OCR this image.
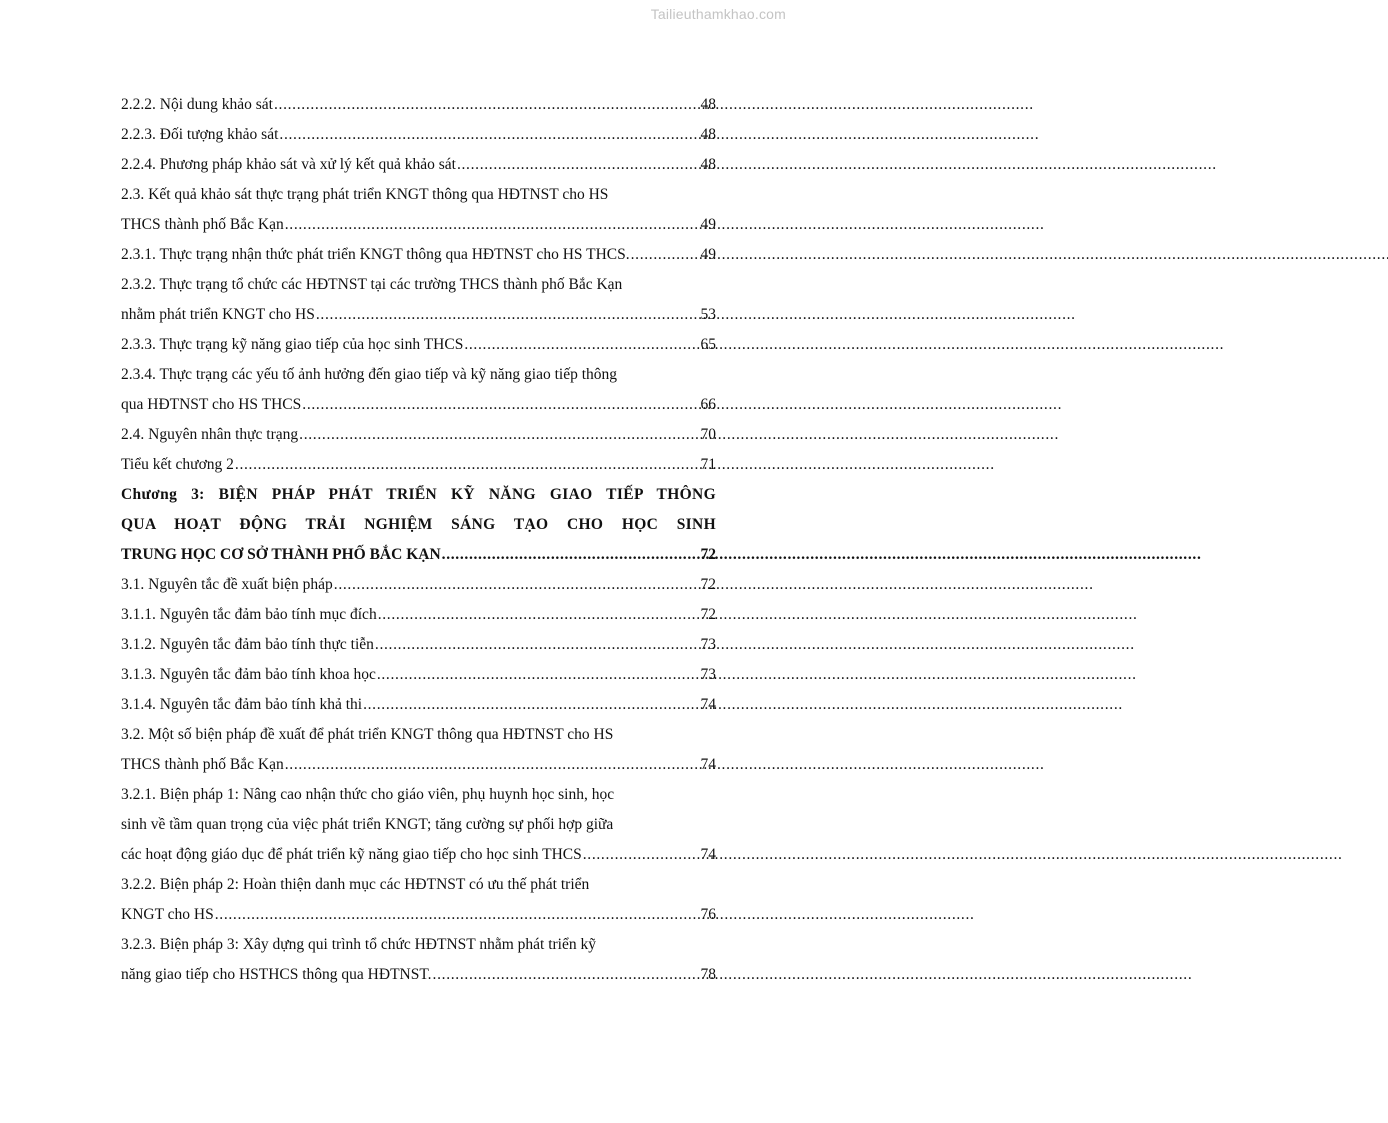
Tailieuthamkhao.com
2.2.2. Nội dung khảo sát . . .	48
2.2.3. Đối tượng khảo sát . . .	48
2.2.4. Phương pháp khảo sát và xử lý kết quả khảo sát . . .	48
2.3. Kết quả khảo sát thực trạng phát triển KNGT thông qua HĐTNST cho HS
THCS thành phố Bắc Kạn . . .	49
2.3.1. Thực trạng nhận thức phát triển KNGT thông qua HĐTNST cho HS THCS. . . .	49
2.3.2. Thực trạng tổ chức các HĐTNST tại các trường THCS thành phố Bắc Kạn
nhằm phát triển KNGT cho HS . . .	53
2.3.3. Thực trạng kỹ năng giao tiếp của học sinh THCS . . .	65
2.3.4. Thực trạng các yếu tố ảnh hưởng đến giao tiếp và kỹ năng giao tiếp thông
qua HĐTNST cho HS THCS . . .	66
2.4. Nguyên nhân thực trạng . . .	70
Tiểu kết chương 2 . . .	71
Chương 3: BIỆN PHÁP PHÁT TRIỂN KỸ NĂNG GIAO TIẾP THÔNG
QUA HOẠT ĐỘNG TRẢI NGHIỆM SÁNG TẠO CHO HỌC SINH
TRUNG HỌC CƠ SỞ THÀNH PHỐ BẮC KẠN . . .	72
3.1. Nguyên tắc đề xuất biện pháp . . .	72
3.1.1. Nguyên tắc đảm bảo tính mục đích . . .	72
3.1.2. Nguyên tắc đảm bảo tính thực tiễn . . .	73
3.1.3. Nguyên tắc đảm bảo tính khoa học . . .	73
3.1.4. Nguyên tắc đảm bảo tính khả thi . . .	74
3.2. Một số biện pháp đề xuất để phát triển KNGT thông qua HĐTNST cho HS
THCS thành phố Bắc Kạn . . .	74
3.2.1. Biện pháp 1: Nâng cao nhận thức cho giáo viên, phụ huynh học sinh, học
sinh về tầm quan trọng của việc phát triển KNGT; tăng cường sự phối hợp giữa
các hoạt động giáo dục để phát triển kỹ năng giao tiếp cho học sinh THCS . . .	74
3.2.2. Biện pháp 2: Hoàn thiện danh mục các HĐTNST có ưu thế phát triển
KNGT cho HS . . .	76
3.2.3. Biện pháp 3: Xây dựng qui trình tổ chức HĐTNST nhằm phát triển kỹ
năng giao tiếp cho HSTHCS thông qua HĐTNST. . . .	78
